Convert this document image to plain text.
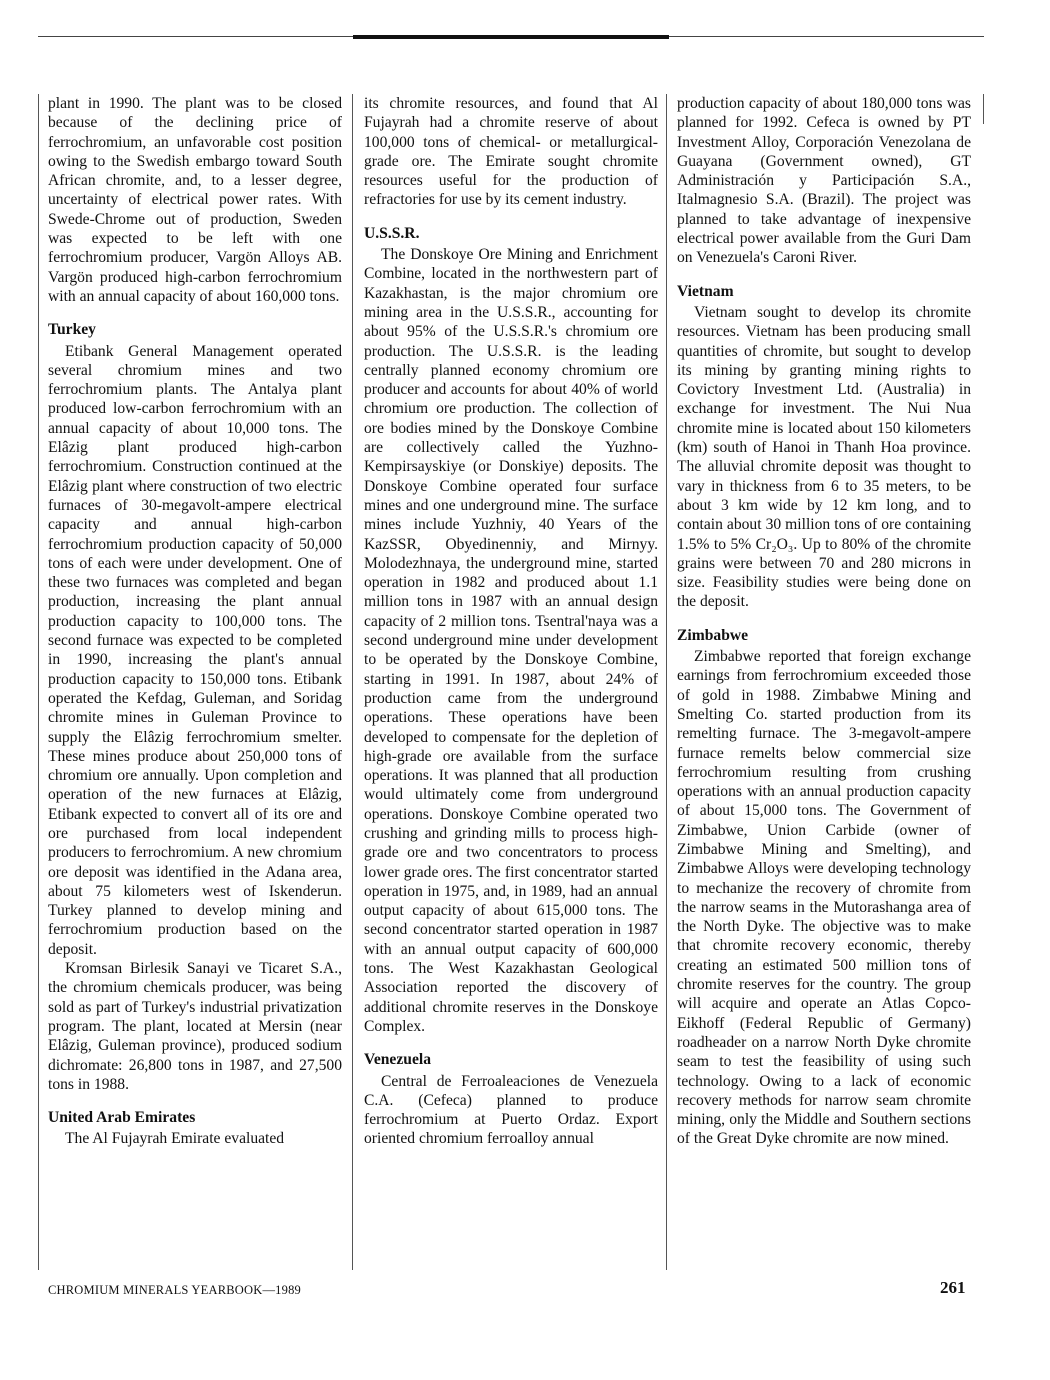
plant in 1990. The plant was to be closed because of the declining price of ferrochromium, an unfavorable cost position owing to the Swedish embargo toward South African chromite, and, to a lesser degree, uncertainty of electrical power rates. With Swede-Chrome out of production, Sweden was expected to be left with one ferrochromium producer, Vargön Alloys AB. Vargön produced high-carbon ferrochromium with an annual capacity of about 160,000 tons.

Turkey

Etibank General Management operated several chromium mines and two ferrochromium plants. The Antalya plant produced low-carbon ferrochromium with an annual capacity of about 10,000 tons. The Elâzig plant produced high-carbon ferrochromium. Construction continued at the Elâzig plant where construction of two electric furnaces of 30-megavolt-ampere electrical capacity and annual high-carbon ferrochromium production capacity of 50,000 tons of each were under development. One of these two furnaces was completed and began production, increasing the plant annual production capacity to 100,000 tons. The second furnace was expected to be completed in 1990, increasing the plant's annual production capacity to 150,000 tons. Etibank operated the Kefdag, Guleman, and Soridag chromite mines in Guleman Province to supply the Elâzig ferrochromium smelter. These mines produce about 250,000 tons of chromium ore annually. Upon completion and operation of the new furnaces at Elâzig, Etibank expected to convert all of its ore and ore purchased from local independent producers to ferrochromium. A new chromium ore deposit was identified in the Adana area, about 75 kilometers west of Iskenderun. Turkey planned to develop mining and ferrochromium production based on the deposit.

Kromsan Birlesik Sanayi ve Ticaret S.A., the chromium chemicals producer, was being sold as part of Turkey's industrial privatization program. The plant, located at Mersin (near Elâzig, Guleman province), produced sodium dichromate: 26,800 tons in 1987, and 27,500 tons in 1988.

United Arab Emirates

The Al Fujayrah Emirate evaluated

its chromite resources, and found that Al Fujayrah had a chromite reserve of about 100,000 tons of chemical- or metallurgical-grade ore. The Emirate sought chromite resources useful for the production of refractories for use by its cement industry.

U.S.S.R.

The Donskoye Ore Mining and Enrichment Combine, located in the northwestern part of Kazakhastan, is the major chromium ore mining area in the U.S.S.R., accounting for about 95% of the U.S.S.R.'s chromium ore production. The U.S.S.R. is the leading centrally planned economy chromium ore producer and accounts for about 40% of world chromium ore production. The collection of ore bodies mined by the Donskoye Combine are collectively called the Yuzhno-Kempirsayskiye (or Donskiye) deposits. The Donskoye Combine operated four surface mines and one underground mine. The surface mines include Yuzhniy, 40 Years of the KazSSR, Obyedinenniy, and Mirnyy. Molodezhnaya, the underground mine, started operation in 1982 and produced about 1.1 million tons in 1987 with an annual design capacity of 2 million tons. Tsentral'naya was a second underground mine under development to be operated by the Donskoye Combine, starting in 1991. In 1987, about 24% of production came from the underground operations. These operations have been developed to compensate for the depletion of high-grade ore available from the surface operations. It was planned that all production would ultimately come from underground operations. Donskoye Combine operated two crushing and grinding mills to process high-grade ore and two concentrators to process lower grade ores. The first concentrator started operation in 1975, and, in 1989, had an annual output capacity of about 615,000 tons. The second concentrator started operation in 1987 with an annual output capacity of 600,000 tons. The West Kazakhastan Geological Association reported the discovery of additional chromite reserves in the Donskoye Complex.

Venezuela

Central de Ferroaleaciones de Venezuela C.A. (Cefeca) planned to produce ferrochromium at Puerto Ordaz. Export oriented chromium ferroalloy annual

production capacity of about 180,000 tons was planned for 1992. Cefeca is owned by PT Investment Alloy, Corporación Venezolana de Guayana (Government owned), GT Administración y Participación S.A., Italmagnesio S.A. (Brazil). The project was planned to take advantage of inexpensive electrical power available from the Guri Dam on Venezuela's Caroni River.

Vietnam

Vietnam sought to develop its chromite resources. Vietnam has been producing small quantities of chromite, but sought to develop its mining by granting mining rights to Covictory Investment Ltd. (Australia) in exchange for investment. The Nui Nua chromite mine is located about 150 kilometers (km) south of Hanoi in Thanh Hoa province. The alluvial chromite deposit was thought to vary in thickness from 6 to 35 meters, to be about 3 km wide by 12 km long, and to contain about 30 million tons of ore containing 1.5% to 5% Cr₂O₃. Up to 80% of the chromite grains were between 70 and 280 microns in size. Feasibility studies were being done on the deposit.

Zimbabwe

Zimbabwe reported that foreign exchange earnings from ferrochromium exceeded those of gold in 1988. Zimbabwe Mining and Smelting Co. started production from its remelting furnace. The 3-megavolt-ampere furnace remelts below commercial size ferrochromium resulting from crushing operations with an annual production capacity of about 15,000 tons. The Government of Zimbabwe, Union Carbide (owner of Zimbabwe Mining and Smelting), and Zimbabwe Alloys were developing technology to mechanize the recovery of chromite from the narrow seams in the Mutorashanga area of the North Dyke. The objective was to make that chromite recovery economic, thereby creating an estimated 500 million tons of chromite reserves for the country. The group will acquire and operate an Atlas Copco-Eikhoff (Federal Republic of Germany) roadheader on a narrow North Dyke chromite seam to test the feasibility of using such technology. Owing to a lack of economic recovery methods for narrow seam chromite mining, only the Middle and Southern sections of the Great Dyke chromite are now mined.

CHROMIUM MINERALS YEARBOOK—1989	261
